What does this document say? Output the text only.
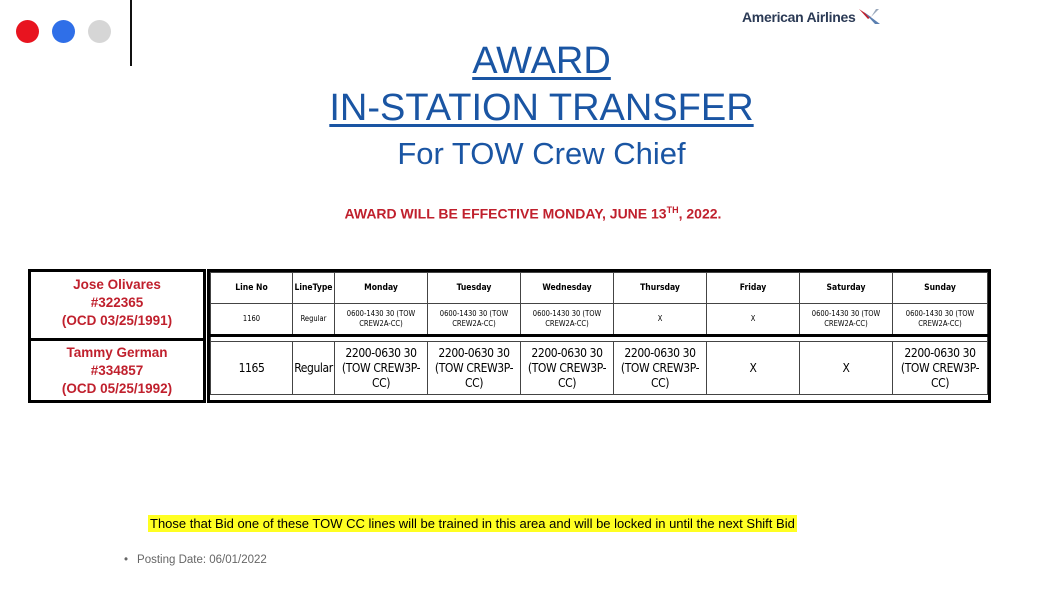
American Airlines
AWARD
IN-STATION TRANSFER
For TOW Crew Chief
AWARD WILL BE EFFECTIVE MONDAY, JUNE 13TH, 2022.
Jose Olivares
#322365
(OCD 03/25/1991)
Tammy German
#334857
(OCD 05/25/1992)
Line No	LineType	Monday	Tuesday	Wednesday	Thursday	Friday	Saturday	Sunday
1160	Regular	0600-1430 30 (TOW CREW2A-CC)	0600-1430 30 (TOW CREW2A-CC)	0600-1430 30 (TOW CREW2A-CC)	X	X	0600-1430 30 (TOW CREW2A-CC)	0600-1430 30 (TOW CREW2A-CC)

1165	Regular	2200-0630 30 (TOW CREW3P-CC)	2200-0630 30 (TOW CREW3P-CC)	2200-0630 30 (TOW CREW3P-CC)	2200-0630 30 (TOW CREW3P-CC)	X	X	2200-0630 30 (TOW CREW3P-CC)
Those that Bid one of these TOW CC lines will be trained in this area and will be locked in until the next Shift Bid
• Posting Date: 06/01/2022
